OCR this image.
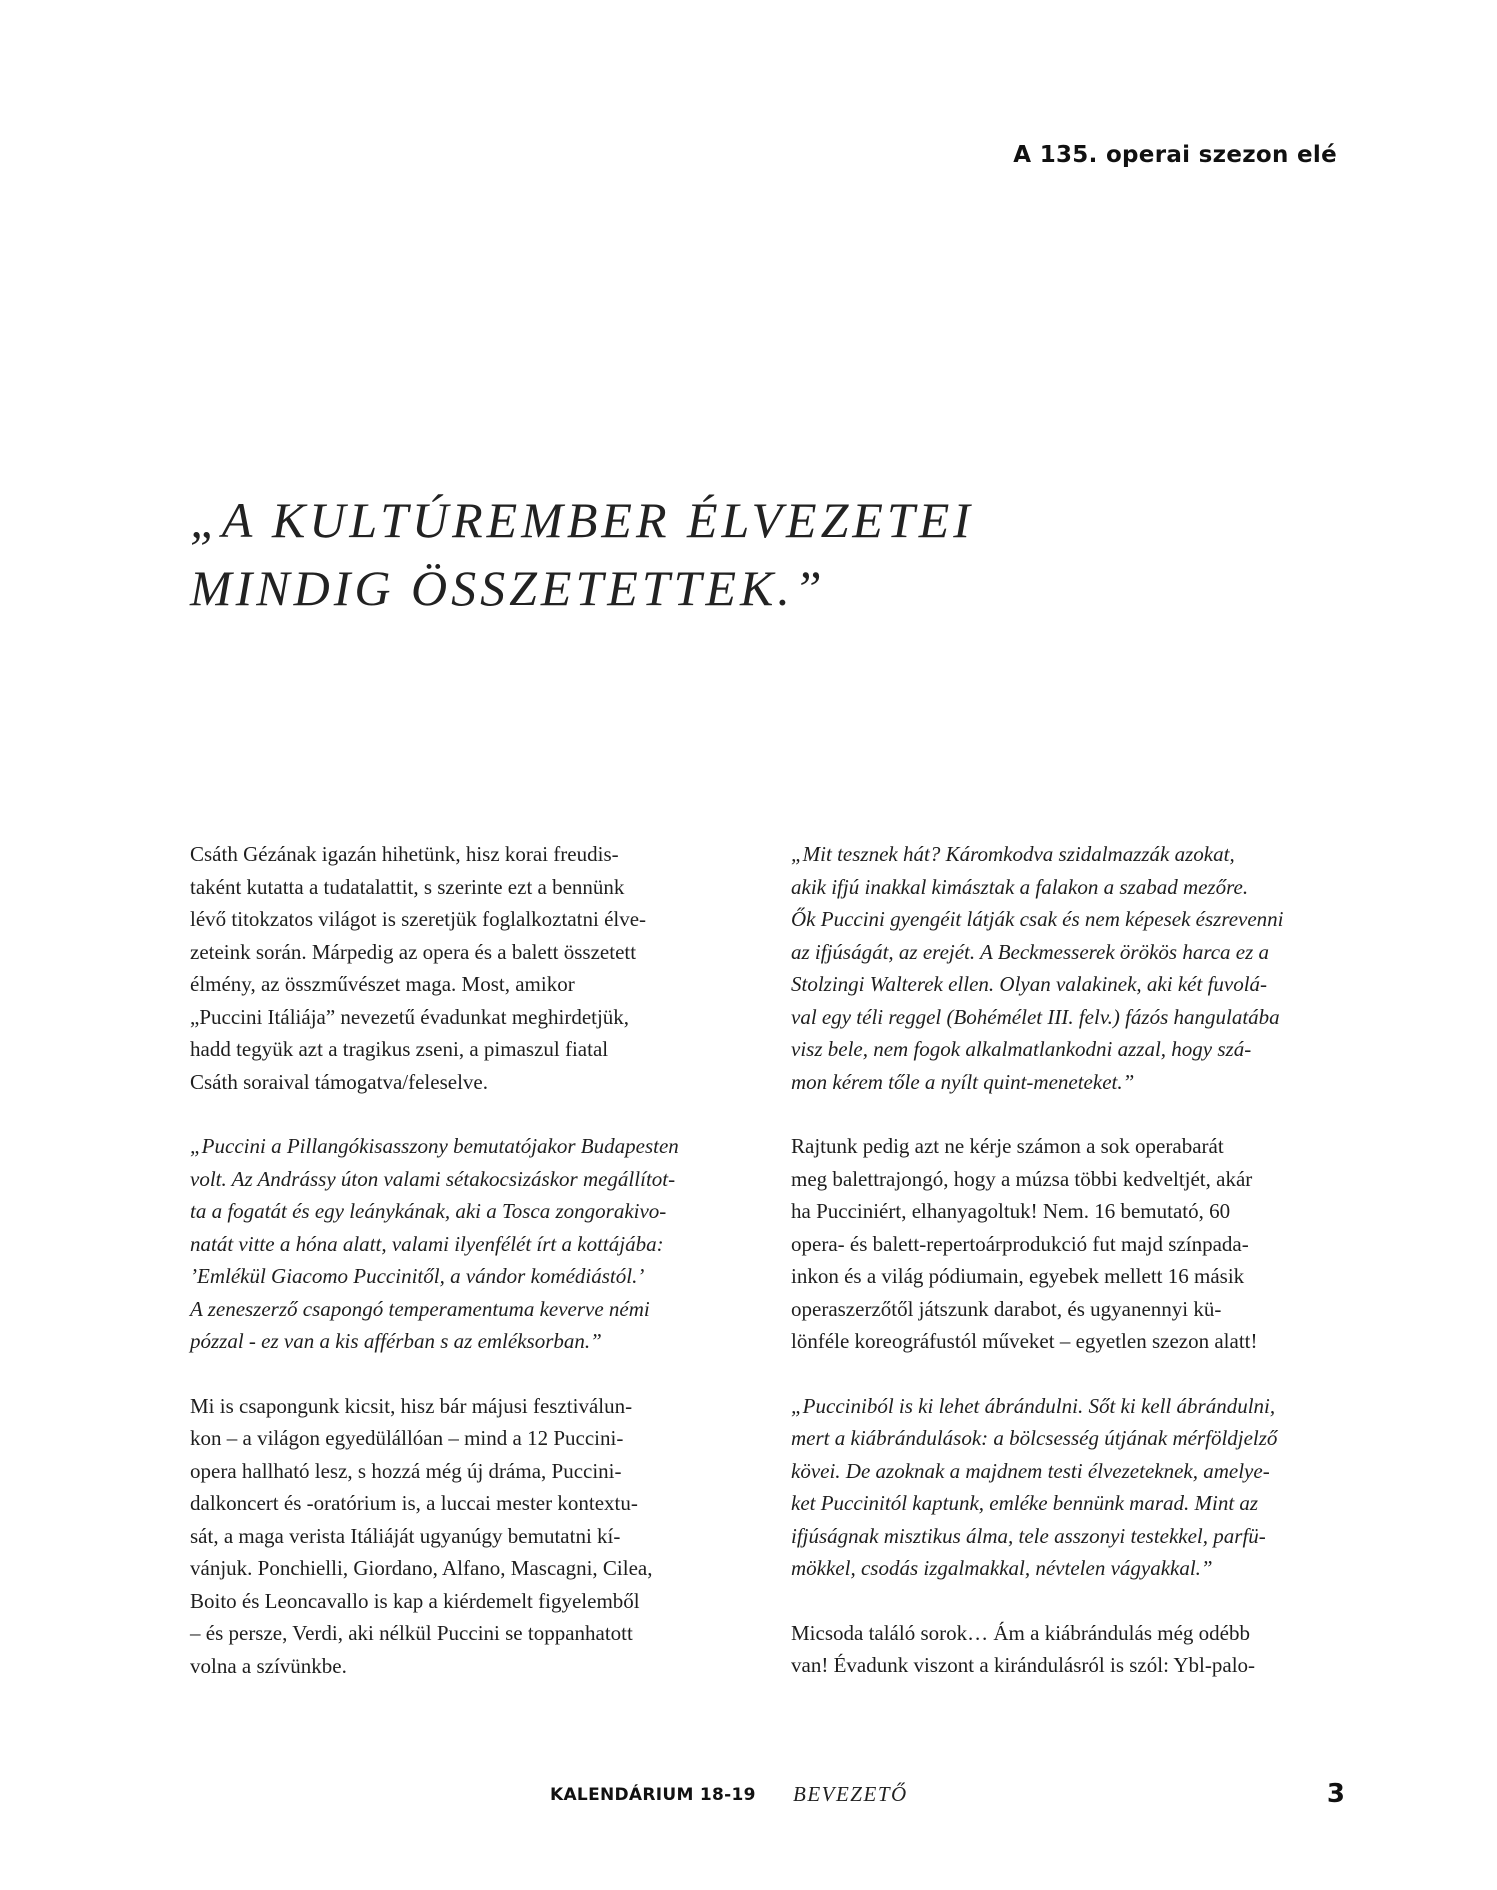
A 135. operai szezon elé
„A KULTÚREMBER ÉLVEZETEI
MINDIG ÖSSZETETTEK.”

Csáth Gézának igazán hihetünk, hisz korai freudis-
taként kutatta a tudatalattit, s szerinte ezt a bennünk
lévő titokzatos világot is szeretjük foglalkoztatni élve-
zeteink során. Márpedig az opera és a balett összetett
élmény, az összművészet maga. Most, amikor
„Puccini Itáliája” nevezetű évadunkat meghirdetjük,
hadd tegyük azt a tragikus zseni, a pimaszul fiatal
Csáth soraival támogatva/feleselve.

„Puccini a Pillangókisasszony bemutatójakor Budapesten
volt. Az Andrássy úton valami sétakocsizáskor megállítot-
ta a fogatát és egy leánykának, aki a Tosca zongorakivo-
natát vitte a hóna alatt, valami ilyenfélét írt a kottájába:
’Emlékül Giacomo Puccinitől, a vándor komédiástól.’
A zeneszerző csapongó temperamentuma keverve némi
pózzal - ez van a kis afférban s az emléksorban.”

Mi is csapongunk kicsit, hisz bár májusi fesztiválun-
kon – a világon egyedülállóan – mind a 12 Puccini-
opera hallható lesz, s hozzá még új dráma, Puccini-
dalkoncert és -oratórium is, a luccai mester kontextu-
sát, a maga verista Itáliáját ugyanúgy bemutatni kí-
vánjuk. Ponchielli, Giordano, Alfano, Mascagni, Cilea,
Boito és Leoncavallo is kap a kiérdemelt figyelemből
– és persze, Verdi, aki nélkül Puccini se toppanhatott
volna a szívünkbe.

„Mit tesznek hát? Káromkodva szidalmazzák azokat,
akik ifjú inakkal kimásztak a falakon a szabad mezőre.
Ők Puccini gyengéit látják csak és nem képesek észrevenni
az ifjúságát, az erejét. A Beckmesserek örökös harca ez a
Stolzingi Walterek ellen. Olyan valakinek, aki két fuvolá-
val egy téli reggel (Bohémélet III. felv.) fázós hangulatába
visz bele, nem fogok alkalmatlankodni azzal, hogy szá-
mon kérem tőle a nyílt quint-meneteket.”

Rajtunk pedig azt ne kérje számon a sok operabarát
meg balettrajongó, hogy a múzsa többi kedveltjét, akár
ha Pucciniért, elhanyagoltuk! Nem. 16 bemutató, 60
opera- és balett-repertoárprodukció fut majd színpada-
inkon és a világ pódiumain, egyebek mellett 16 másik
operaszerzőtől játszunk darabot, és ugyanennyi kü-
lönféle koreográfustól műveket – egyetlen szezon alatt!

„Pucciniból is ki lehet ábrándulni. Sőt ki kell ábrándulni,
mert a kiábrándulások: a bölcsesség útjának mérföldjelző
kövei. De azoknak a majdnem testi élvezeteknek, amelye-
ket Puccinitól kaptunk, emléke bennünk marad. Mint az
ifjúságnak misztikus álma, tele asszonyi testekkel, parfü-
mökkel, csodás izgalmakkal, névtelen vágyakkal.”

Micsoda találó sorok… Ám a kiábrándulás még odébb
van! Évadunk viszont a kirándulásról is szól: Ybl-palo-

KALENDÁRIUM 18-19 BEVEZETŐ	3
